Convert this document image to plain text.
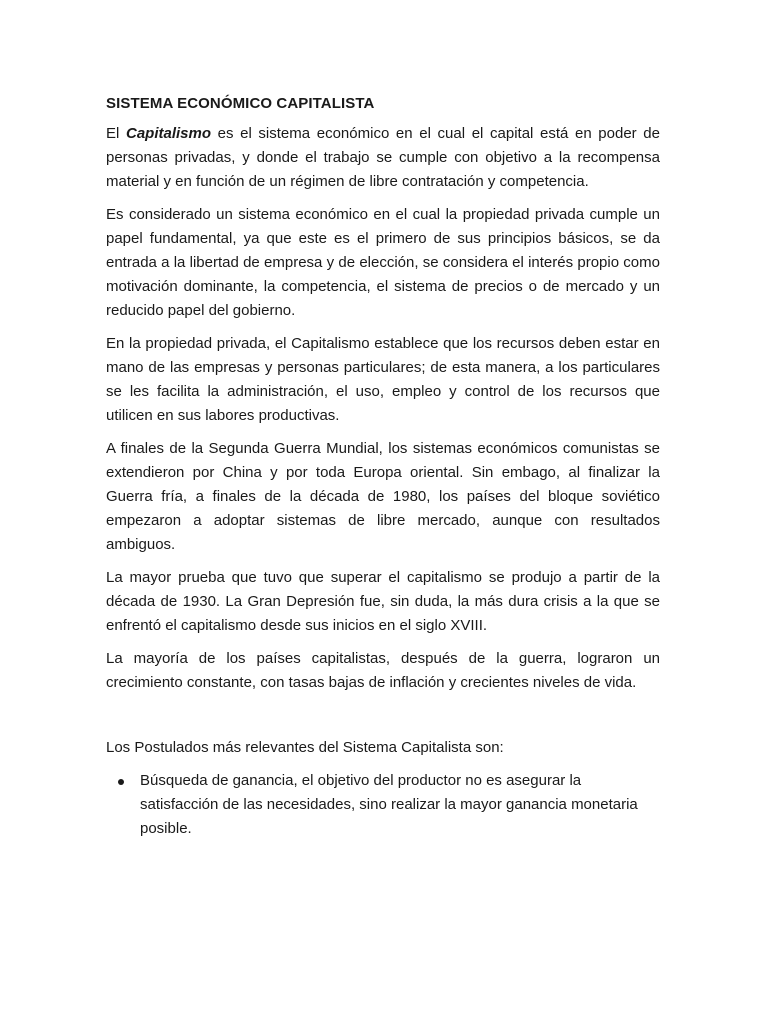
SISTEMA ECONÓMICO CAPITALISTA

El Capitalismo es el sistema económico en el cual el capital está en poder de personas privadas, y donde el trabajo se cumple con objetivo a la recompensa material y en función de un régimen de libre contratación y competencia.

Es considerado un sistema económico en el cual la propiedad privada cumple un papel fundamental, ya que este es el primero de sus principios básicos, se da entrada a la libertad de empresa y de elección, se considera el interés propio como motivación dominante, la competencia, el sistema de precios o de mercado y un reducido papel del gobierno.

En la propiedad privada, el Capitalismo establece que los recursos deben estar en mano de las empresas y personas particulares; de esta manera, a los particulares se les facilita la administración, el uso, empleo y control de los recursos que utilicen en sus labores productivas.

A finales de la Segunda Guerra Mundial, los sistemas económicos comunistas se extendieron por China y por toda Europa oriental. Sin embago, al finalizar la Guerra fría, a finales de la década de 1980, los países del bloque soviético empezaron a adoptar sistemas de libre mercado, aunque con resultados ambiguos.

La mayor prueba que tuvo que superar el capitalismo se produjo a partir de la década de 1930. La Gran Depresión fue, sin duda, la más dura crisis a la que se enfrentó el capitalismo desde sus inicios en el siglo XVIII.

La mayoría de los países capitalistas, después de la guerra, lograron un crecimiento constante, con tasas bajas de inflación y crecientes niveles de vida.

Los Postulados más relevantes del Sistema Capitalista son:
Búsqueda de ganancia, el objetivo del productor no es asegurar la satisfacción de las necesidades, sino realizar la mayor ganancia monetaria posible.
